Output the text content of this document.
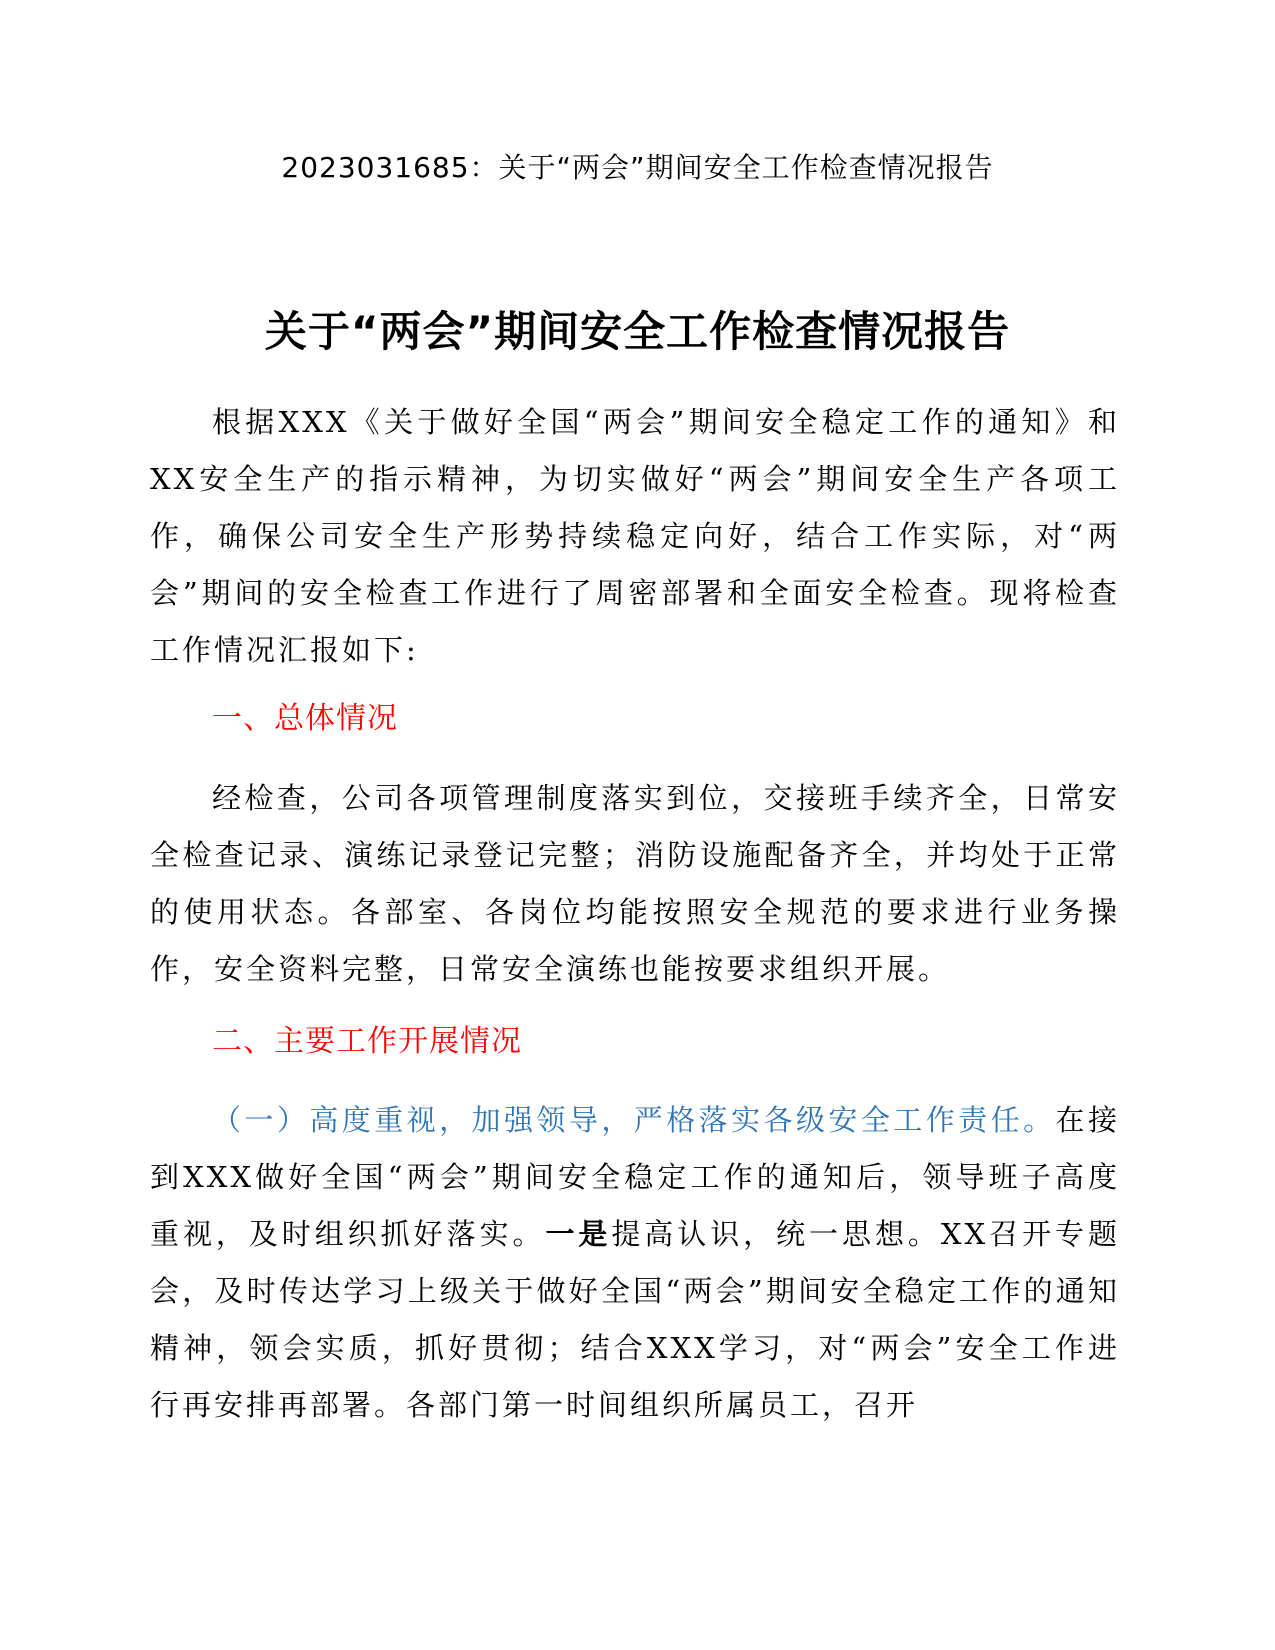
2023031685：关于“两会”期间安全工作检查情况报告
关于“两会”期间安全工作检查情况报告

根据XXX《关于做好全国“两会”期间安全稳定工作的通知》和XX安全生产的指示精神，为切实做好“两会”期间安全生产各项工作，确保公司安全生产形势持续稳定向好，结合工作实际，对“两会”期间的安全检查工作进行了周密部署和全面安全检查。现将检查工作情况汇报如下:

一、总体情况

经检查，公司各项管理制度落实到位，交接班手续齐全，日常安全检查记录、演练记录登记完整；消防设施配备齐全，并均处于正常的使用状态。各部室、各岗位均能按照安全规范的要求进行业务操作，安全资料完整，日常安全演练也能按要求组织开展。

二、主要工作开展情况

（一）高度重视，加强领导，严格落实各级安全工作责任。在接到XXX做好全国“两会”期间安全稳定工作的通知后，领导班子高度重视，及时组织抓好落实。一是提高认识，统一思想。XX召开专题会，及时传达学习上级关于做好全国“两会”期间安全稳定工作的通知精神，领会实质，抓好贯彻；结合XXX学习，对“两会”安全工作进行再安排再部署。各部门第一时间组织所属员工，召开
